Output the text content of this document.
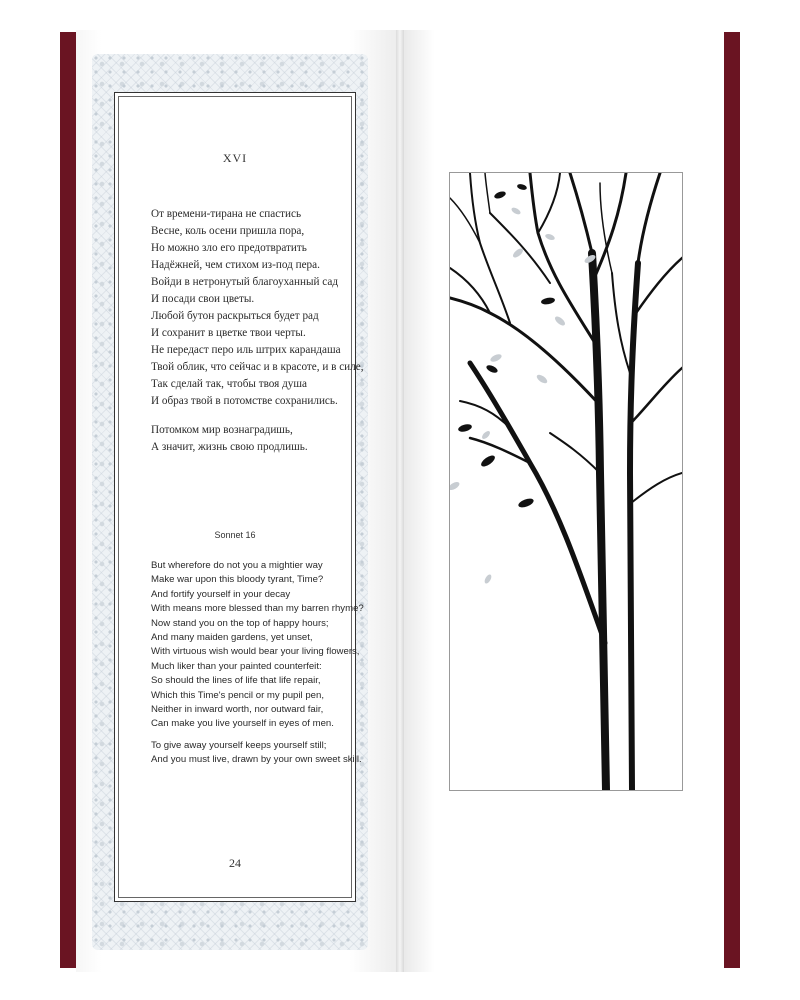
XVI
От времени-тирана не спастись
Весне, коль осени пришла пора,
Но можно зло его предотвратить
Надёжней, чем стихом из-под пера.
Войди в нетронутый благоуханный сад
И посади свои цветы.
Любой бутон раскрыться будет рад
И сохранит в цветке твои черты.
Не передаст перо иль штрих карандаша
Твой облик, что сейчас и в красоте, и в силе,
Так сделай так, чтобы твоя душа
И образ твой в потомстве сохранились.
Потомком мир вознаградишь,
А значит, жизнь свою продлишь.
Sonnet 16
But wherefore do not you a mightier way
Make war upon this bloody tyrant, Time?
And fortify yourself in your decay
With means more blessed than my barren rhyme?
Now stand you on the top of happy hours;
And many maiden gardens, yet unset,
With virtuous wish would bear your living flowers,
Much liker than your painted counterfeit:
So should the lines of life that life repair,
Which this Time's pencil or my pupil pen,
Neither in inward worth, nor outward fair,
Can make you live yourself in eyes of men.
To give away yourself keeps yourself still;
And you must live, drawn by your own sweet skill.
24
